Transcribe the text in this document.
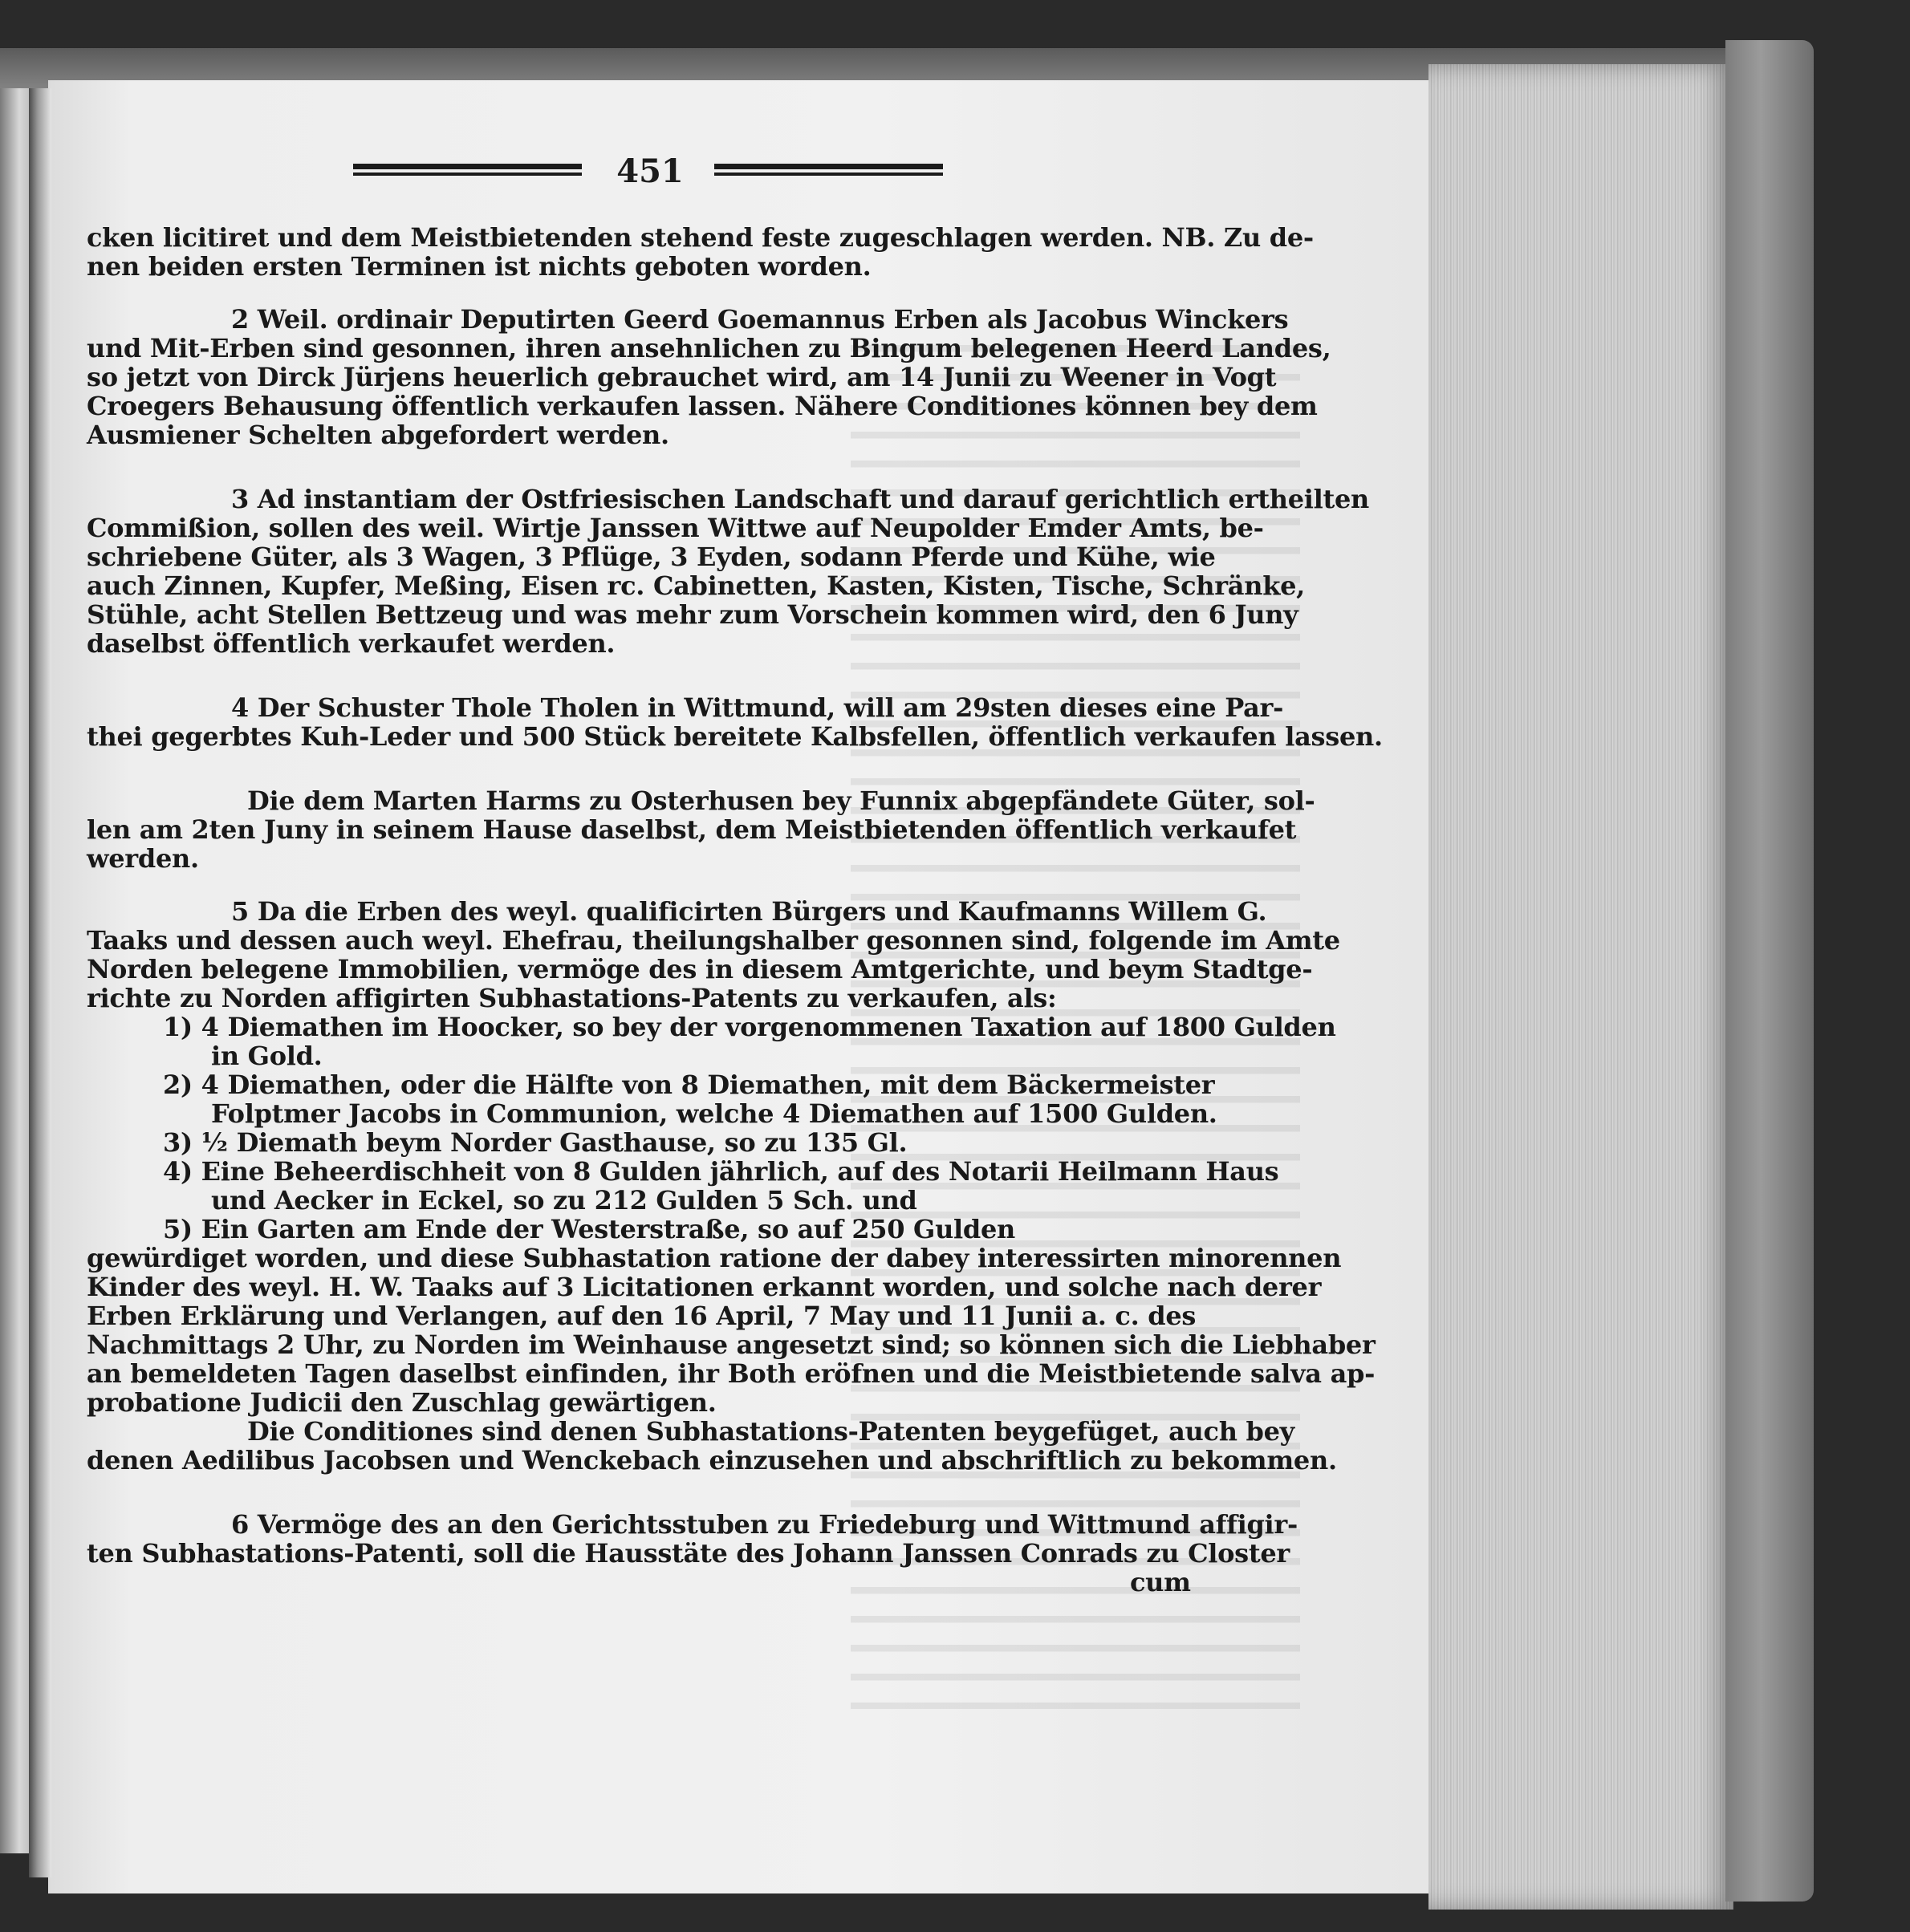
451
cken licitiret und dem Meistbietenden stehend feste zugeschlagen werden. NB. Zu de-
nen beiden ersten Terminen ist nichts geboten worden.
2 Weil. ordinair Deputirten Geerd Goemannus Erben als Jacobus Winckers
und Mit-Erben sind gesonnen, ihren ansehnlichen zu Bingum belegenen Heerd Landes,
so jetzt von Dirck Jürjens heuerlich gebrauchet wird, am 14 Junii zu Weener in Vogt
Croegers Behausung öffentlich verkaufen lassen. Nähere Conditiones können bey dem
Ausmiener Schelten abgefordert werden.
3 Ad instantiam der Ostfriesischen Landschaft und darauf gerichtlich ertheilten
Commißion, sollen des weil. Wirtje Janssen Wittwe auf Neupolder Emder Amts, be-
schriebene Güter, als 3 Wagen, 3 Pflüge, 3 Eyden, sodann Pferde und Kühe, wie
auch Zinnen, Kupfer, Meßing, Eisen rc. Cabinetten, Kasten, Kisten, Tische, Schränke,
Stühle, acht Stellen Bettzeug und was mehr zum Vorschein kommen wird, den 6 Juny
daselbst öffentlich verkaufet werden.
4 Der Schuster Thole Tholen in Wittmund, will am 29sten dieses eine Par-
thei gegerbtes Kuh-Leder und 500 Stück bereitete Kalbsfellen, öffentlich verkaufen lassen.
Die dem Marten Harms zu Osterhusen bey Funnix abgepfändete Güter, sol-
len am 2ten Juny in seinem Hause daselbst, dem Meistbietenden öffentlich verkaufet
werden.
5 Da die Erben des weyl. qualificirten Bürgers und Kaufmanns Willem G.
Taaks und dessen auch weyl. Ehefrau, theilungshalber gesonnen sind, folgende im Amte
Norden belegene Immobilien, vermöge des in diesem Amtgerichte, und beym Stadtge-
richte zu Norden affigirten Subhastations-Patents zu verkaufen, als:
1) 4 Diemathen im Hoocker, so bey der vorgenommenen Taxation auf 1800 Gulden
in Gold.
2) 4 Diemathen, oder die Hälfte von 8 Diemathen, mit dem Bäckermeister
Folptmer Jacobs in Communion, welche 4 Diemathen auf 1500 Gulden.
3) ½ Diemath beym Norder Gasthause, so zu 135 Gl.
4) Eine Beheerdischheit von 8 Gulden jährlich, auf des Notarii Heilmann Haus
und Aecker in Eckel, so zu 212 Gulden 5 Sch. und
5) Ein Garten am Ende der Westerstraße, so auf 250 Gulden
gewürdiget worden, und diese Subhastation ratione der dabey interessirten minorennen
Kinder des weyl. H. W. Taaks auf 3 Licitationen erkannt worden, und solche nach derer
Erben Erklärung und Verlangen, auf den 16 April, 7 May und 11 Junii a. c. des
Nachmittags 2 Uhr, zu Norden im Weinhause angesetzt sind; so können sich die Liebhaber
an bemeldeten Tagen daselbst einfinden, ihr Both eröfnen und die Meistbietende salva ap-
probatione Judicii den Zuschlag gewärtigen.
Die Conditiones sind denen Subhastations-Patenten beygefüget, auch bey
denen Aedilibus Jacobsen und Wenckebach einzusehen und abschriftlich zu bekommen.
6 Vermöge des an den Gerichtsstuben zu Friedeburg und Wittmund affigir-
ten Subhastations-Patenti, soll die Hausstäte des Johann Janssen Conrads zu Closter
cum
